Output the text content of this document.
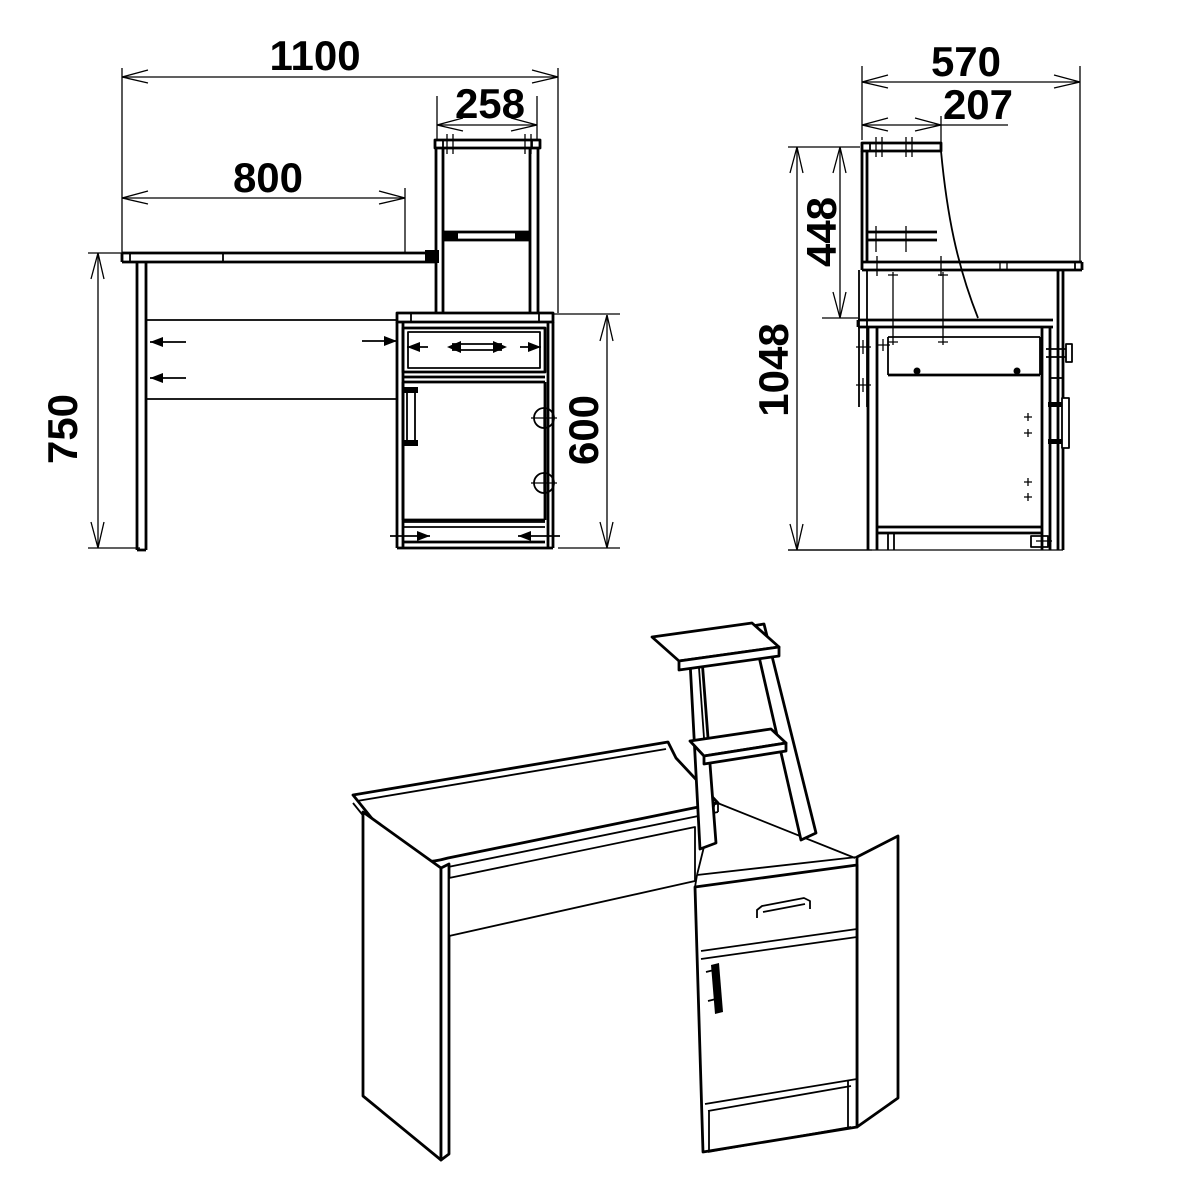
1100
258
800
750	600
570
207
448
1048
